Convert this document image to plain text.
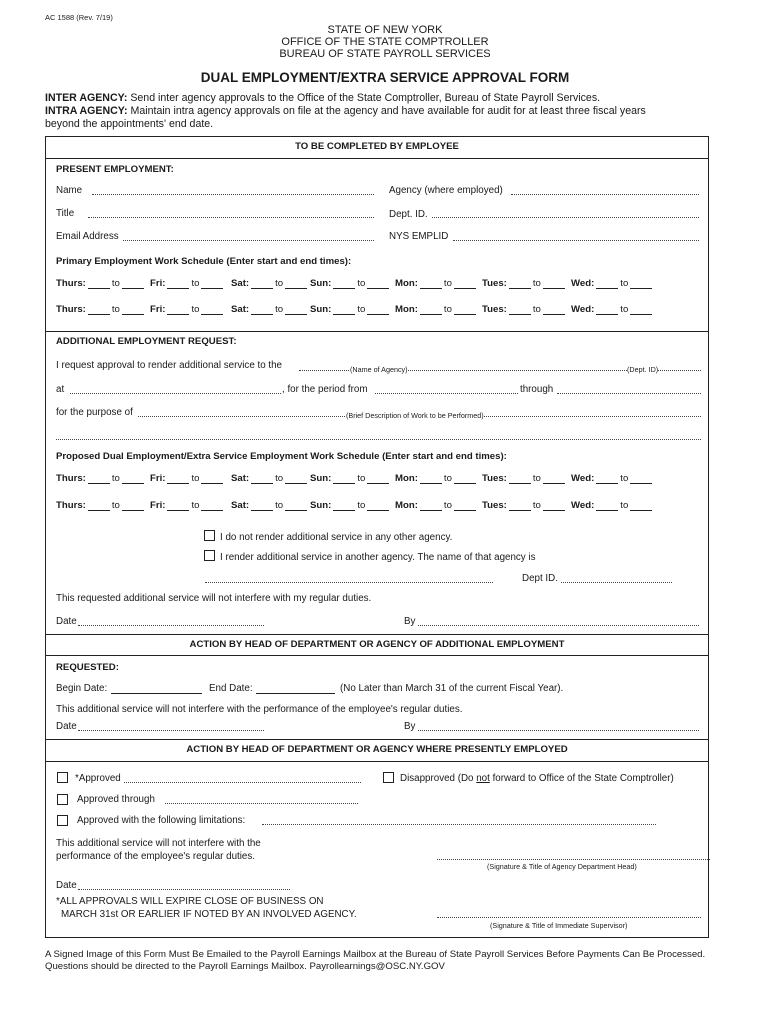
AC 1588 (Rev. 7/19)
STATE OF NEW YORK
OFFICE OF THE STATE COMPTROLLER
BUREAU OF STATE PAYROLL SERVICES
DUAL EMPLOYMENT/EXTRA SERVICE APPROVAL FORM
INTER AGENCY: Send inter agency approvals to the Office of the State Comptroller, Bureau of State Payroll Services.
INTRA AGENCY: Maintain intra agency approvals on file at the agency and have available for audit for at least three fiscal years
beyond the appointments' end date.
TO BE COMPLETED BY EMPLOYEE
PRESENT EMPLOYMENT:
Name	Agency (where employed)
Title	Dept. ID.
Email Address	NYS EMPLID
Primary Employment Work Schedule (Enter start and end times):
Thurs:	to	Fri:	to	Sat:	to	Sun:	to	Mon:	to	Tues:	to	Wed:	to
Thurs:	to	Fri:	to	Sat:	to	Sun:	to	Mon:	to	Tues:	to	Wed:	to
ADDITIONAL EMPLOYMENT REQUEST:
I request approval to render additional service to the	(Name of Agency)	(Dept. ID)
at	, for the period from	through
for the purpose of	(Brief Description of Work to be Performed)
Proposed Dual Employment/Extra Service Employment Work Schedule (Enter start and end times):
Thurs:	to	Fri:	to	Sat:	to	Sun:	to	Mon:	to	Tues:	to	Wed:	to
Thurs:	to	Fri:	to	Sat:	to	Sun:	to	Mon:	to	Tues:	to	Wed:	to
I do not render additional service in any other agency.
I render additional service in another agency. The name of that agency is
Dept ID.
This requested additional service will not interfere with my regular duties.
Date	By
ACTION BY HEAD OF DEPARTMENT OR AGENCY OF ADDITIONAL EMPLOYMENT
REQUESTED:
Begin Date:	End Date:	(No Later than March 31 of the current Fiscal Year).
This additional service will not interfere with the performance of the employee's regular duties.
Date	By
ACTION BY HEAD OF DEPARTMENT OR AGENCY WHERE PRESENTLY EMPLOYED
*Approved	Disapproved (Do not forward to Office of the State Comptroller)
Approved through
Approved with the following limitations:
This additional service will not interfere with the
performance of the employee's regular duties.
(Signature & Title of Agency Department Head)
Date
*ALL APPROVALS WILL EXPIRE CLOSE OF BUSINESS ON
MARCH 31st OR EARLIER IF NOTED BY AN INVOLVED AGENCY.
(Signature & Title of Immediate Supervisor)
A Signed Image of this Form Must Be Emailed to the Payroll Earnings Mailbox at the Bureau of State Payroll Services Before Payments Can Be Processed.
Questions should be directed to the Payroll Earnings Mailbox. Payrollearnings@OSC.NY.GOV
